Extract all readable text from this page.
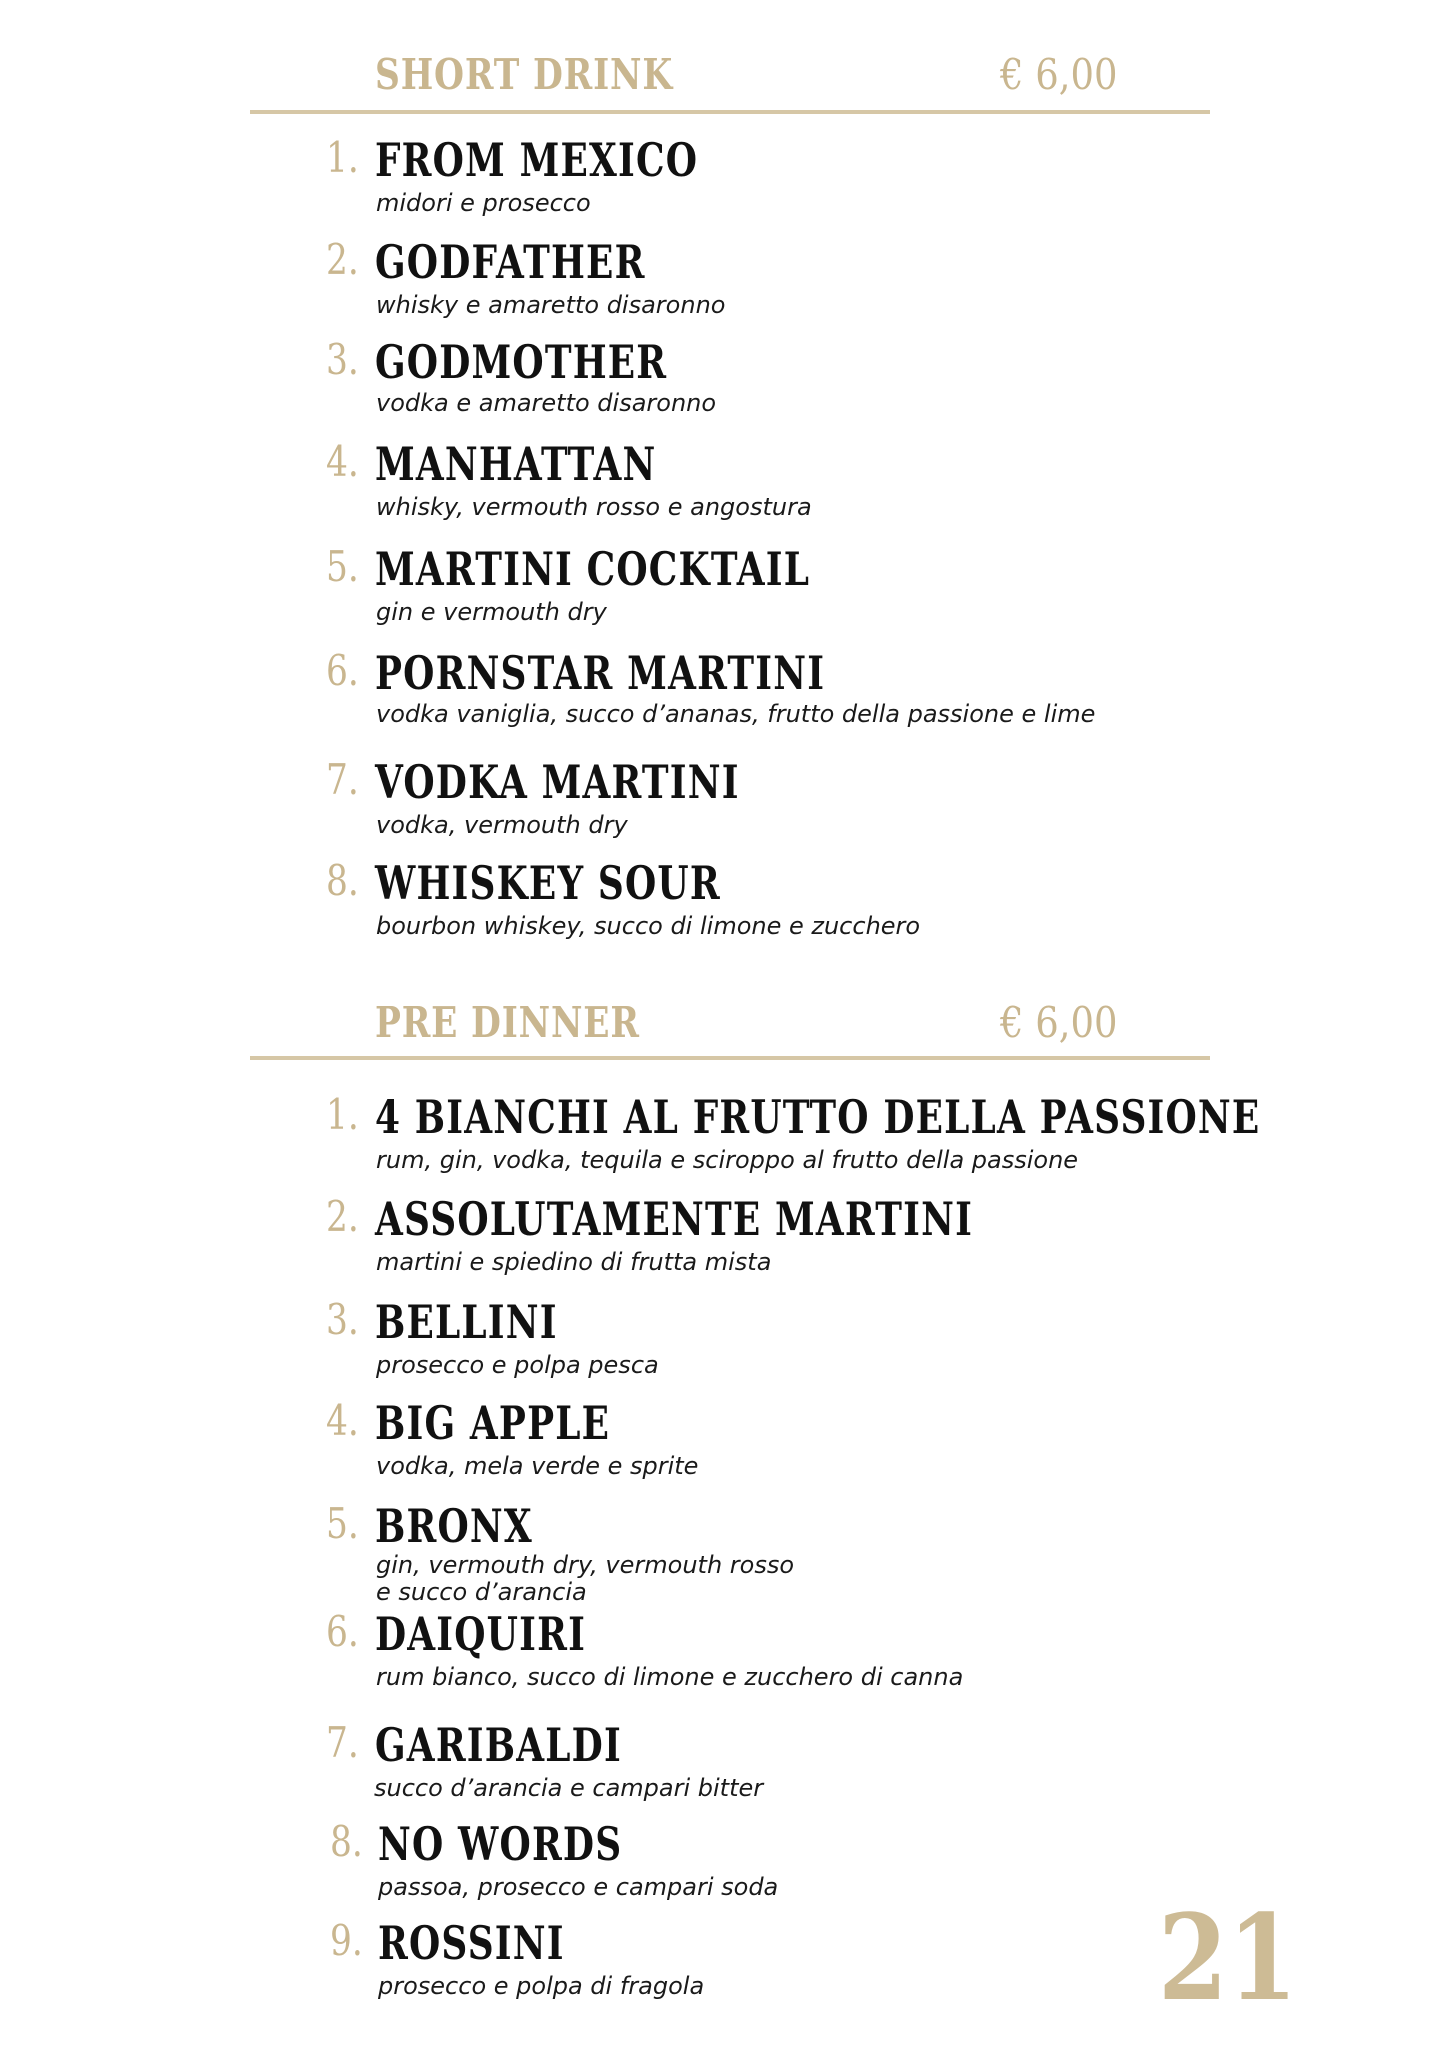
SHORT DRINK	€ 6,00
1. FROM MEXICO
midori e prosecco
2. GODFATHER
whisky e amaretto disaronno
3. GODMOTHER
vodka e amaretto disaronno
4. MANHATTAN
whisky, vermouth rosso e angostura
5. MARTINI COCKTAIL
gin e vermouth dry
6. PORNSTAR MARTINI
vodka vaniglia, succo d’ananas, frutto della passione e lime
7. VODKA MARTINI
vodka, vermouth dry
8. WHISKEY SOUR
bourbon whiskey, succo di limone e zucchero
PRE DINNER	€ 6,00
1. 4 BIANCHI AL FRUTTO DELLA PASSIONE
rum, gin, vodka, tequila e sciroppo al frutto della passione
2. ASSOLUTAMENTE MARTINI
martini e spiedino di frutta mista
3. BELLINI
prosecco e polpa pesca
4. BIG APPLE
vodka, mela verde e sprite
5. BRONX
gin, vermouth dry, vermouth rosso
e succo d’arancia
6. DAIQUIRI
rum bianco, succo di limone e zucchero di canna
7. GARIBALDI
succo d’arancia e campari bitter
8. NO WORDS
passoa, prosecco e campari soda
9. ROSSINI
prosecco e polpa di fragola	21
